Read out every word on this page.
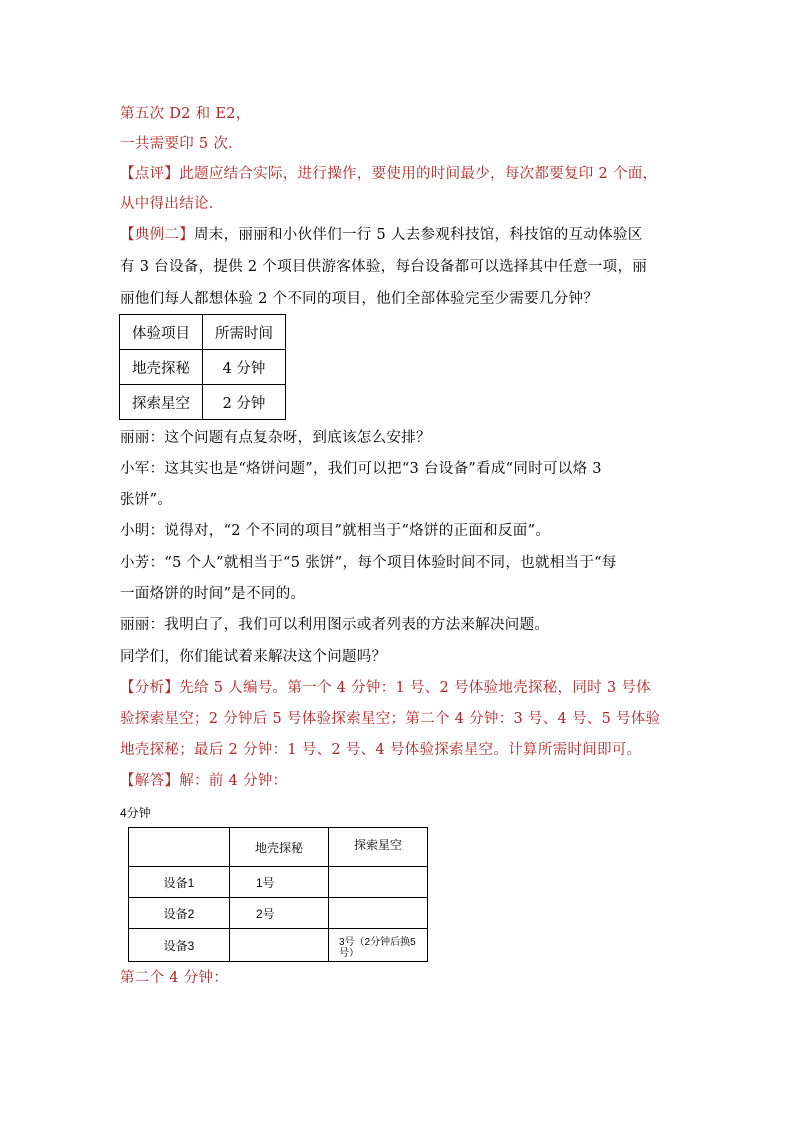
第五次 D2 和 E2，
一共需要印 5 次．
【点评】此题应结合实际，进行操作，要使用的时间最少，每次都要复印 2 个面，
从中得出结论．
【典例二】周末，丽丽和小伙伴们一行 5 人去参观科技馆，科技馆的互动体验区
有 3 台设备，提供 2 个项目供游客体验，每台设备都可以选择其中任意一项，丽
丽他们每人都想体验 2 个不同的项目，他们全部体验完至少需要几分钟？
体验项目	所需时间
地壳探秘	4 分钟
探索星空	2 分钟
丽丽：这个问题有点复杂呀，到底该怎么安排？
小军：这其实也是“烙饼问题”，我们可以把“3 台设备”看成“同时可以烙 3
张饼”。
小明：说得对，“2 个不同的项目”就相当于“烙饼的正面和反面”。
小芳：“5 个人”就相当于“5 张饼”，每个项目体验时间不同，也就相当于“每
一面烙饼的时间”是不同的。
丽丽：我明白了，我们可以利用图示或者列表的方法来解决问题。
同学们，你们能试着来解决这个问题吗？
【分析】先给 5 人编号。第一个 4 分钟：1 号、2 号体验地壳探秘，同时 3 号体
验探索星空；2 分钟后 5 号体验探索星空；第二个 4 分钟：3 号、4 号、5 号体验
地壳探秘；最后 2 分钟：1 号、2 号、4 号体验探索星空。计算所需时间即可。
【解答】解：前 4 分钟：
4分钟
	地壳探秘	探索星空
设备1	1号	
设备2	2号	
设备3		3号（2分钟后换5号）
第二个 4 分钟：
